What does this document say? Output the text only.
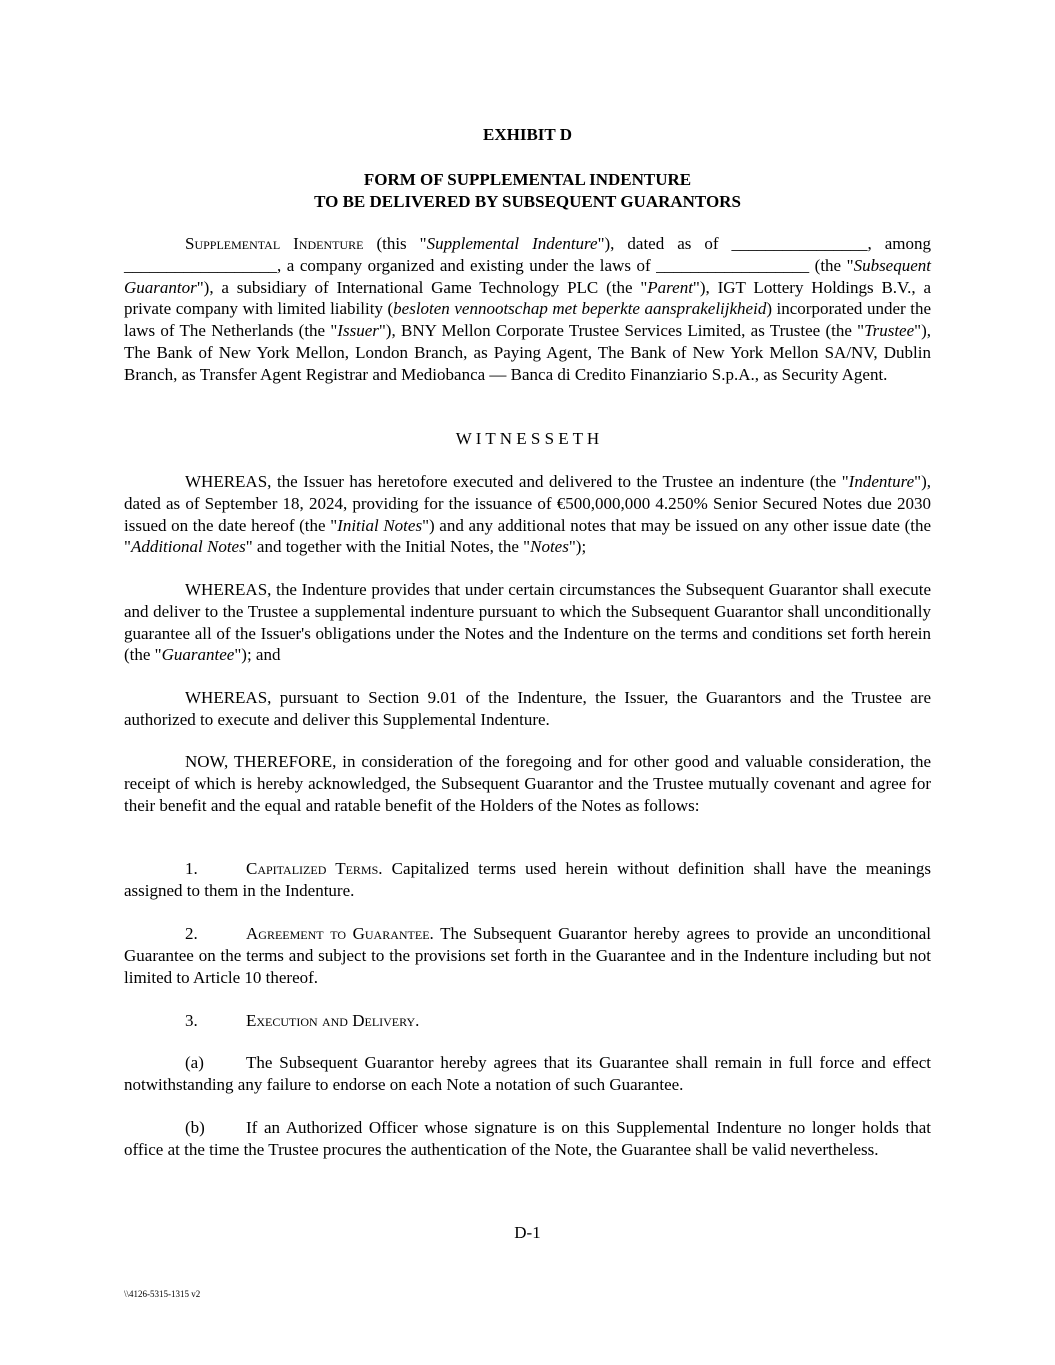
EXHIBIT D
FORM OF SUPPLEMENTAL INDENTURE
TO BE DELIVERED BY SUBSEQUENT GUARANTORS
Supplemental Indenture (this "Supplemental Indenture"), dated as of ________________, among __________________, a company organized and existing under the laws of __________________ (the "Subsequent Guarantor"), a subsidiary of International Game Technology PLC (the "Parent"), IGT Lottery Holdings B.V., a private company with limited liability (besloten vennootschap met beperkte aansprakelijkheid) incorporated under the laws of The Netherlands (the "Issuer"), BNY Mellon Corporate Trustee Services Limited, as Trustee (the "Trustee"), The Bank of New York Mellon, London Branch, as Paying Agent, The Bank of New York Mellon SA/NV, Dublin Branch, as Transfer Agent Registrar and Mediobanca — Banca di Credito Finanziario S.p.A., as Security Agent.
W I T N E S S E T H
WHEREAS, the Issuer has heretofore executed and delivered to the Trustee an indenture (the "Indenture"), dated as of September 18, 2024, providing for the issuance of €500,000,000 4.250% Senior Secured Notes due 2030 issued on the date hereof (the "Initial Notes") and any additional notes that may be issued on any other issue date (the "Additional Notes" and together with the Initial Notes, the "Notes");
WHEREAS, the Indenture provides that under certain circumstances the Subsequent Guarantor shall execute and deliver to the Trustee a supplemental indenture pursuant to which the Subsequent Guarantor shall unconditionally guarantee all of the Issuer's obligations under the Notes and the Indenture on the terms and conditions set forth herein (the "Guarantee"); and
WHEREAS, pursuant to Section 9.01 of the Indenture, the Issuer, the Guarantors and the Trustee are authorized to execute and deliver this Supplemental Indenture.
NOW, THEREFORE, in consideration of the foregoing and for other good and valuable consideration, the receipt of which is hereby acknowledged, the Subsequent Guarantor and the Trustee mutually covenant and agree for their benefit and the equal and ratable benefit of the Holders of the Notes as follows:
1.	Capitalized Terms. Capitalized terms used herein without definition shall have the meanings assigned to them in the Indenture.
2.	Agreement to Guarantee. The Subsequent Guarantor hereby agrees to provide an unconditional Guarantee on the terms and subject to the provisions set forth in the Guarantee and in the Indenture including but not limited to Article 10 thereof.
3.	Execution and Delivery.
(a) The Subsequent Guarantor hereby agrees that its Guarantee shall remain in full force and effect notwithstanding any failure to endorse on each Note a notation of such Guarantee.
(b) If an Authorized Officer whose signature is on this Supplemental Indenture no longer holds that office at the time the Trustee procures the authentication of the Note, the Guarantee shall be valid nevertheless.
D-1
\\4126-5315-1315 v2
